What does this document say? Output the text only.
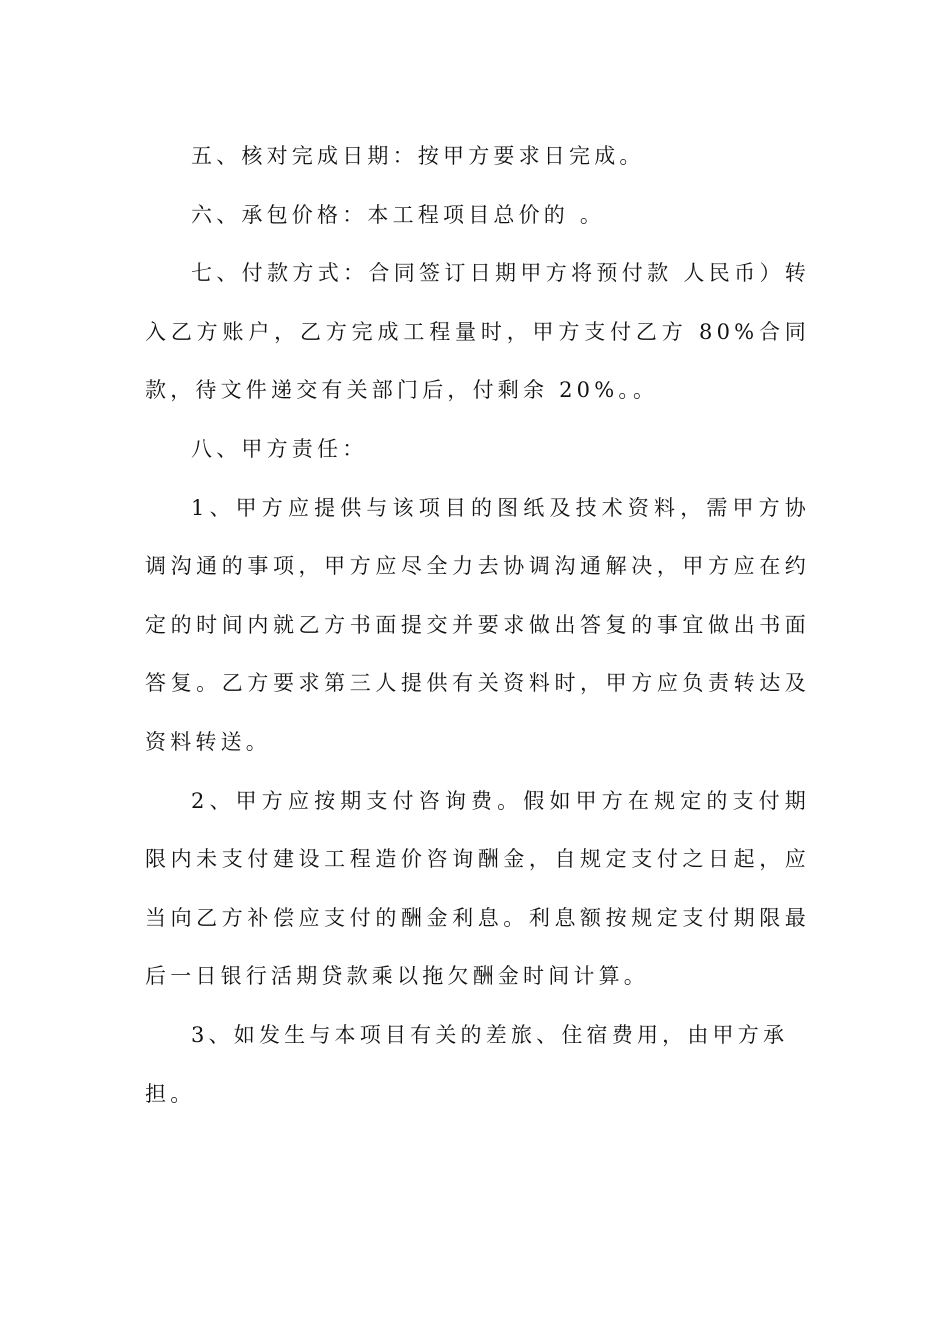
五、核对完成日期：按甲方要求日完成。

六、承包价格：本工程项目总价的 。

七、付款方式：合同签订日期甲方将预付款 人民币）转入乙方账户，乙方完成工程量时，甲方支付乙方 80%合同款，待文件递交有关部门后，付剩余 20%。。

八、甲方责任：

1、甲方应提供与该项目的图纸及技术资料，需甲方协调沟通的事项，甲方应尽全力去协调沟通解决，甲方应在约定的时间内就乙方书面提交并要求做出答复的事宜做出书面答复。乙方要求第三人提供有关资料时，甲方应负责转达及资料转送。

2、甲方应按期支付咨询费。假如甲方在规定的支付期限内未支付建设工程造价咨询酬金，自规定支付之日起，应当向乙方补偿应支付的酬金利息。利息额按规定支付期限最后一日银行活期贷款乘以拖欠酬金时间计算。

3、如发生与本项目有关的差旅、住宿费用，由甲方承担。
